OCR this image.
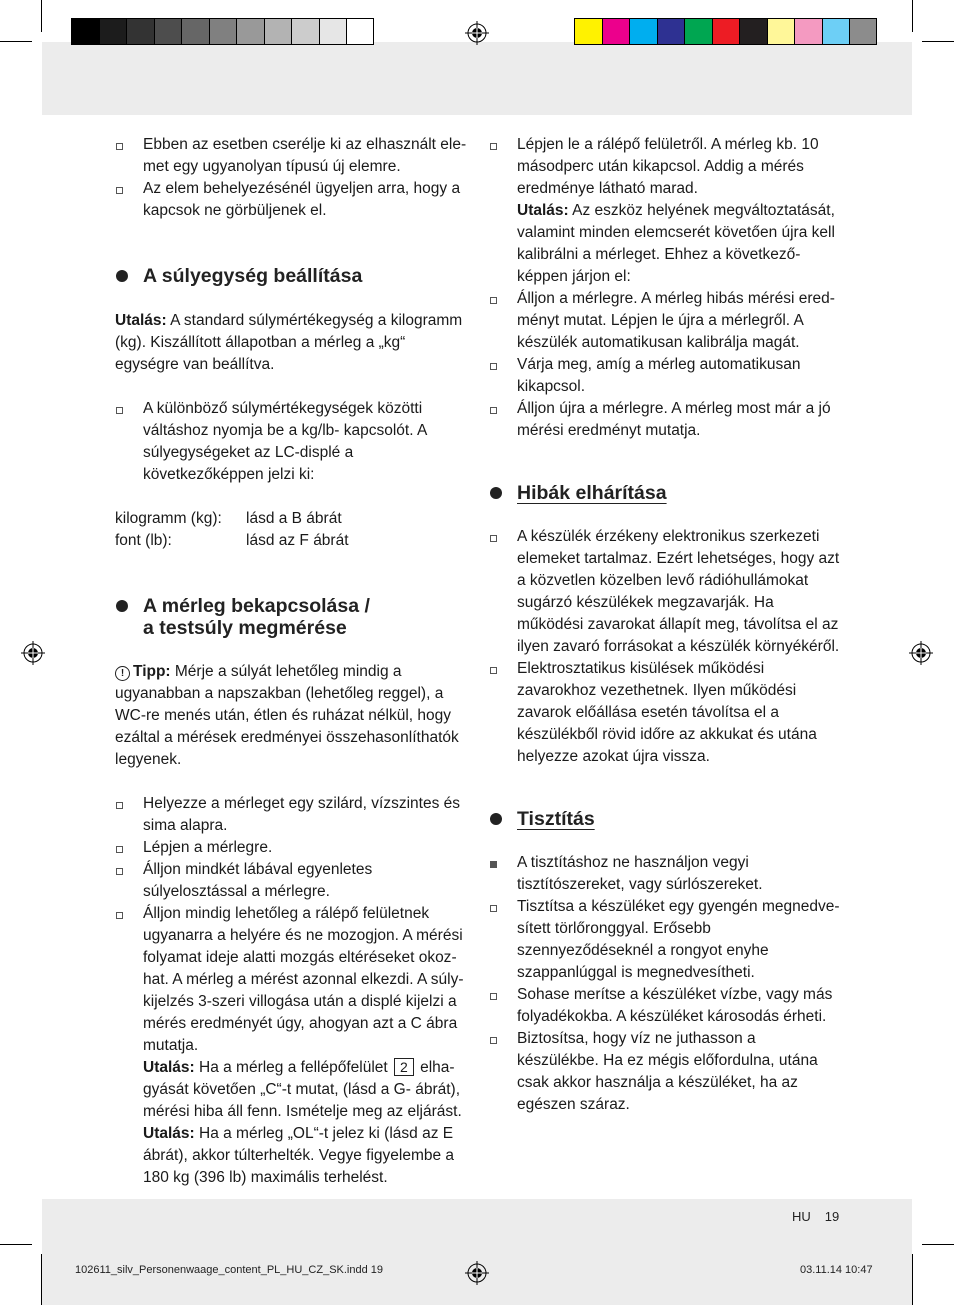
Ebben az esetben cserélje ki az elhasznált elemet egy ugyanolyan típusú új elemre.
Az elem behelyezésénél ügyeljen arra, hogy a kapcsok ne görbüljenek el.
A súlyegység beállítása
Utalás: A standard súlymértékegység a kilogramm (kg). Kiszállított állapotban a mérleg a „kg“ egységre van beállítva.
A különböző súlymértékegységek közötti váltáshoz nyomja be a kg/lb- kapcsolót. A súlyegységeket az LC-displé a következőképpen jelzi ki:
kilogramm (kg):	lásd a B ábrát
font (lb):	lásd az F ábrát
A mérleg bekapcsolása /
a testsúly megmérése
! Tipp: Mérje a súlyát lehetőleg mindig a ugyanabban a napszakban (lehetőleg reggel), a WC-re menés után, étlen és ruházat nélkül, hogy ezáltal a mérések eredményei összehasonlíthatók legyenek.
Helyezze a mérleget egy szilárd, vízszintes és sima alapra.
Lépjen a mérlegre.
Álljon mindkét lábával egyenletes súlyelosztással a mérlegre.
Álljon mindig lehetőleg a rálépő felületnek ugyanarra a helyére és ne mozogjon. A mérési folyamat ideje alatti mozgás eltéréseket okozhat. A mérleg a mérést azonnal elkezdi. A súly-kijelzés 3-szeri villogása után a displé kijelzi a mérés eredményét úgy, ahogyan azt a C ábra mutatja.
Utalás: Ha a mérleg a fellépőfelület 2 elhagyását követően „C“-t mutat, (lásd a G- ábrát), mérési hiba áll fenn. Ismételje meg az eljárást.
Utalás: Ha a mérleg „OL“-t jelez ki (lásd az E ábrát), akkor túlterhelték. Vegye figyelembe a 180 kg (396 lb) maximális terhelést.
Lépjen le a rálépő felületről. A mérleg kb. 10 másodperc után kikapcsol. Addig a mérés eredménye látható marad.
Utalás: Az eszköz helyének megváltoztatását, valamint minden elemcserét követően újra kell kalibrálni a mérleget. Ehhez a következőképpen járjon el:
Álljon a mérlegre. A mérleg hibás mérési eredményt mutat. Lépjen le újra a mérlegről. A készülék automatikusan kalibrálja magát.
Várja meg, amíg a mérleg automatikusan kikapcsol.
Álljon újra a mérlegre. A mérleg most már a jó mérési eredményt mutatja.
Hibák elhárítása
A készülék érzékeny elektronikus szerkezeti elemeket tartalmaz. Ezért lehetséges, hogy azt a közvetlen közelben levő rádióhullámokat sugárzó készülékek megzavarják. Ha működési zavarokat állapít meg, távolítsa el az ilyen zavaró forrásokat a készülék környékéről.
Elektrosztatikus kisülések működési zavarokhoz vezethetnek. Ilyen működési zavarok előállása esetén távolítsa el a készülékből rövid időre az akkukat és utána helyezze azokat újra vissza.
Tisztítás
A tisztításhoz ne használjon vegyi tisztítószereket, vagy súrlószereket.
Tisztítsa a készüléket egy gyengén megnedvesített törlőronggyal. Erősebb szennyeződéseknél a rongyot enyhe szappanlúggal is megnedvesítheti.
Sohase merítse a készüléket vízbe, vagy más folyadékokba. A készüléket károsodás érheti.
Biztosítsa, hogy víz ne juthasson a készülékbe. Ha ez mégis előfordulna, utána csak akkor használja a készüléket, ha az egészen száraz.
HU 19
102611_silv_Personenwaage_content_PL_HU_CZ_SK.indd 19	03.11.14 10:47
